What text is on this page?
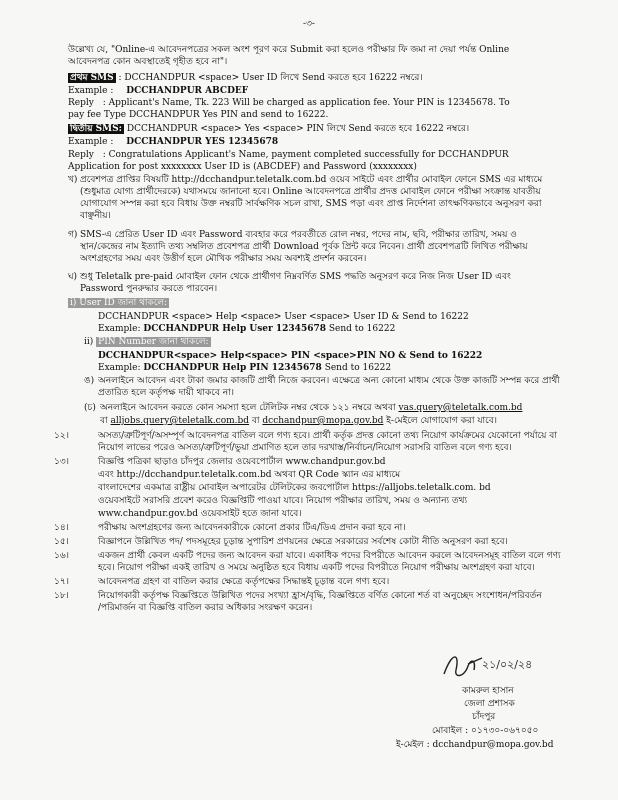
-৩-
উল্লেখ্য যে, "Online-এ আবেদনপত্রের সকল অংশ পূরণ করে Submit করা হলেও পরীক্ষার ফি জমা না দেয়া পর্যন্ত Online
আবেদনপত্র কোন অবস্থাতেই গৃহীত হবে না"।
প্রথম SMS : DCCHANDPUR <space> User ID লিখে Send করতে হবে 16222 নম্বরে।
Example : DCCHANDPUR ABCDEF
Reply : Applicant's Name, Tk. 223 Will be charged as application fee. Your PIN is 12345678. To
pay fee Type DCCHANDPUR Yes PIN and send to 16222.
দ্বিতীয় SMS: DCCHANDPUR <space> Yes <space> PIN লিখে Send করতে হবে 16222 নম্বরে।
Example : DCCHANDPUR YES 12345678
Reply : Congratulations Applicant's Name, payment completed successfully for DCCHANDPUR
Application for post xxxxxxxx User ID is (ABCDEF) and Password (xxxxxxxx)
খ) প্রবেশপত্র প্রাপ্তির বিষয়টি http://dcchandpur.teletalk.com.bd ওয়েব সাইটে এবং প্রার্থীর মোবাইল ফোনে SMS এর মাধ্যমে
(শুধুমাত্র যোগ্য প্রার্থীদেরকে) যথাসময়ে জানানো হবে। Online আবেদনপত্রে প্রার্থীর প্রদত্ত মোবাইল ফোনে পরীক্ষা সংক্রান্ত যাবতীয়
যোগাযোগ সম্পন্ন করা হবে বিধায় উক্ত নম্বরটি সার্বক্ষণিক সচল রাখা, SMS পড়া এবং প্রাপ্ত নির্দেশনা তাৎক্ষণিকভাবে অনুসরণ করা
বাঞ্ছনীয়।
গ) SMS-এ প্রেরিত User ID এবং Password ব্যবহার করে পরবর্তীতে রোল নম্বর, পদের নাম, ছবি, পরীক্ষার তারিখ, সময় ও
স্থান/কেন্দ্রের নাম ইত্যাদি তথ্য সম্বলিত প্রবেশপত্র প্রার্থী Download পূর্বক প্রিন্ট করে নিবেন। প্রার্থী প্রবেশপত্রটি লিখিত পরীক্ষায়
অংশগ্রহণের সময় এবং উত্তীর্ণ হলে মৌখিক পরীক্ষার সময় অবশ্যই প্রদর্শন করবেন।
ঘ) শুধু Teletalk pre-paid মোবাইল ফোন থেকে প্রার্থীগণ নিম্নবর্ণিত SMS পদ্ধতি অনুসরণ করে নিজ নিজ User ID এবং
Password পুনরুদ্ধার করতে পারবেন।
i) User ID জানা থাকলে:
DCCHANDPUR <space> Help <space> User <space> User ID & Send to 16222
Example: DCCHANDPUR Help User 12345678 Send to 16222
ii) PIN Number জানা থাকলে:
DCCHANDPUR<space> Help<space> PIN <space>PIN NO & Send to 16222
Example: DCCHANDPUR Help PIN 12345678 Send to 16222
ঙ) অনলাইনে আবেদন এবং টাকা জমার কাজটি প্রার্থী নিজে করবেন। এক্ষেত্রে অন্য কোনো মাধ্যম থেকে উক্ত কাজটি সম্পন্ন করে প্রার্থী
প্রতারিত হলে কর্তৃপক্ষ দায়ী থাকবে না।
(চ) অনলাইনে আবেদন করতে কোন সমস্যা হলে টেলিটক নম্বর থেকে ১২১ নম্বরে অথবা vas.query@teletalk.com.bd
বা alljobs.query@teletalk.com.bd বা dcchandpur@mopa.gov.bd ই-মেইলে যোগাযোগ করা যাবে।
১২।	অসত্য/ত্রুটিপূর্ণ/অসম্পূর্ণ আবেদনপত্র বাতিল বলে গণ্য হবে। প্রার্থী কর্তৃক প্রদত্ত কোনো তথ্য নিয়োগ কার্যক্রমের যেকোনো পর্যায়ে বা
নিয়োগ লাভের পরেও অসত্য/ত্রুটিপূর্ণ/ভুয়া প্রমাণিত হলে তার দরখাস্ত/নির্বাচন/নিয়োগ সরাসরি বাতিল বলে গণ্য হবে।
১৩।	বিজ্ঞপ্তি পত্রিকা ছাড়াও চাঁদপুর জেলার ওয়েবপোর্টাল www.chandpur.gov.bd
এবং http://dcchandpur.teletalk.com.bd অথবা QR Code স্ক্যান এর মাধ্যমে
বাংলাদেশের একমাত্র রাষ্ট্রীয় মোবাইল অপারেটর টেলিটকের জবপোর্টাল https://alljobs.teletalk.com. bd
ওয়েবসাইটে সরাসরি প্রবেশ করেও বিজ্ঞপ্তিটি পাওয়া যাবে। নিয়োগ পরীক্ষার তারিখ, সময় ও অন্যান্য তথ্য
www.chandpur.gov.bd ওয়েবসাইট হতে জানা যাবে।
১৪।	পরীক্ষায় অংশগ্রহণের জন্য আবেদনকারীকে কোনো প্রকার টিএ/ডিএ প্রদান করা হবে না।
১৫।	বিজ্ঞাপনে উল্লিখিত পদ/ পদসমূহের চূড়ান্ত সুপারিশ প্রণয়নের ক্ষেত্রে সরকারের সর্বশেষ কোটা নীতি অনুসরণ করা হবে।
১৬।	একজন প্রার্থী কেবল একটি পদের জন্য আবেদন করা যাবে। একাধিক পদের বিপরীতে আবেদন করলে আবেদনসমূহ বাতিল বলে গণ্য
হবে। নিয়োগ পরীক্ষা একই তারিখ ও সময়ে অনুষ্ঠিত হবে বিধায় একটি পদের বিপরীতে নিয়োগ পরীক্ষায় অংশগ্রহণ করা যাবে।
১৭।	আবেদনপত্র গ্রহণ বা বাতিল করার ক্ষেত্রে কর্তৃপক্ষের সিদ্ধান্তই চূড়ান্ত বলে গণ্য হবে।
১৮।	নিয়োগকারী কর্তৃপক্ষ বিজ্ঞপ্তিতে উল্লিখিত পদের সংখ্যা হ্রাস/বৃদ্ধি, বিজ্ঞপ্তিতে বর্ণিত কোনো শর্ত বা অনুচ্ছেদ সংশোধন/পরিবর্তন
/পরিমার্জন বা বিজ্ঞপ্তি বাতিল করার অধিকার সংরক্ষণ করেন।
২১/০২/২৪
কামরুল হাসান
জেলা প্রশাসক
চাঁদপুর
মোবাইল : ০১৭৩০-০৬৭০৫০
ই-মেইল : dcchandpur@mopa.gov.bd
